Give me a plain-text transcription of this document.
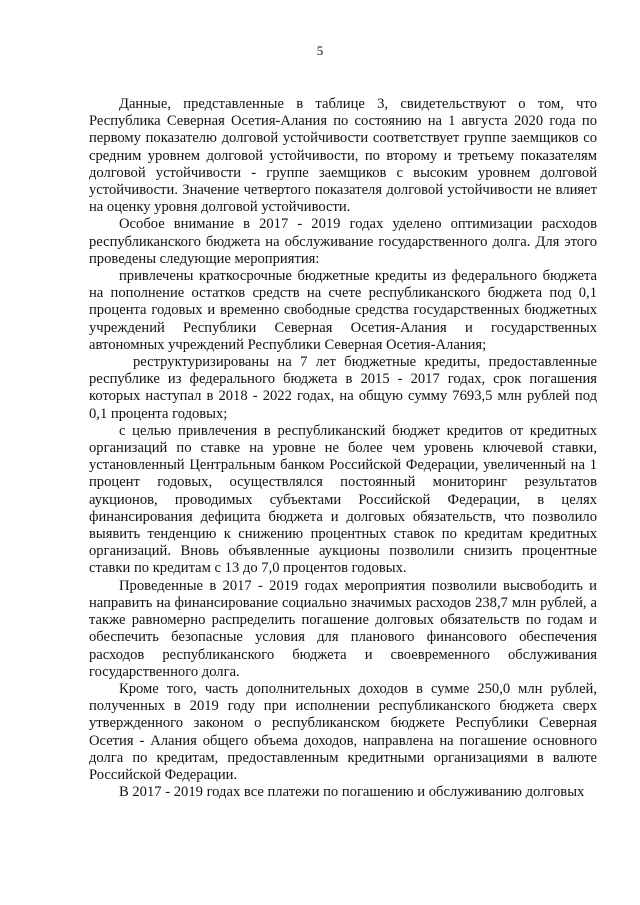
5

Данные, представленные в таблице 3, свидетельствуют о том, что Республика Северная Осетия-Алания по состоянию на 1 августа 2020 года по первому показателю долговой устойчивости соответствует группе заемщиков со средним уровнем долговой устойчивости, по второму и третьему показателям долговой устойчивости - группе заемщиков с высоким уровнем долговой устойчивости. Значение четвертого показателя долговой устойчивости не влияет на оценку уровня долговой устойчивости.

Особое внимание в 2017 - 2019 годах уделено оптимизации расходов республиканского бюджета на обслуживание государственного долга. Для этого проведены следующие мероприятия:

привлечены краткосрочные бюджетные кредиты из федерального бюджета на пополнение остатков средств на счете республиканского бюджета под 0,1 процента годовых и временно свободные средства государственных бюджетных учреждений Республики Северная Осетия-Алания и государственных автономных учреждений Республики Северная Осетия-Алания;

реструктуризированы на 7 лет бюджетные кредиты, предоставленные республике из федерального бюджета в 2015 - 2017 годах, срок погашения которых наступал в 2018 - 2022 годах, на общую сумму 7693,5 млн рублей под 0,1 процента годовых;

с целью привлечения в республиканский бюджет кредитов от кредитных организаций по ставке на уровне не более чем уровень ключевой ставки, установленный Центральным банком Российской Федерации, увеличенный на 1 процент годовых, осуществлялся постоянный мониторинг результатов аукционов, проводимых субъектами Российской Федерации, в целях финансирования дефицита бюджета и долговых обязательств, что позволило выявить тенденцию к снижению процентных ставок по кредитам кредитных организаций. Вновь объявленные аукционы позволили снизить процентные ставки по кредитам с 13 до 7,0 процентов годовых.

Проведенные в 2017 - 2019 годах мероприятия позволили высвободить и направить на финансирование социально значимых расходов 238,7 млн рублей, а также равномерно распределить погашение долговых обязательств по годам и обеспечить безопасные условия для планового финансового обеспечения расходов республиканского бюджета и своевременного обслуживания государственного долга.

Кроме того, часть дополнительных доходов в сумме 250,0 млн рублей, полученных в 2019 году при исполнении республиканского бюджета сверх утвержденного законом о республиканском бюджете Республики Северная Осетия - Алания общего объема доходов, направлена на погашение основного долга по кредитам, предоставленным кредитными организациями в валюте Российской Федерации.

В 2017 - 2019 годах все платежи по погашению и обслуживанию долговых
